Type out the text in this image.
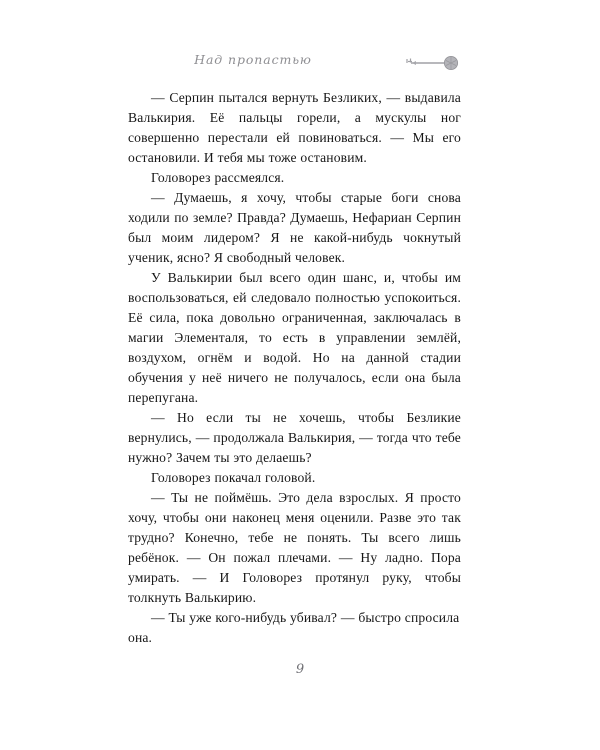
Над пропастью

— Серпин пытался вернуть Безликих, — выдавила Валькирия. Её пальцы горели, а мускулы ног совершенно перестали ей повиноваться. — Мы его остановили. И тебя мы тоже остановим.

Головорез рассмеялся.

— Думаешь, я хочу, чтобы старые боги снова ходили по земле? Правда? Думаешь, Нефариан Серпин был моим лидером? Я не какой-нибудь чокнутый ученик, ясно? Я свободный человек.

У Валькирии был всего один шанс, и, чтобы им воспользоваться, ей следовало полностью успокоиться. Её сила, пока довольно ограниченная, заключалась в магии Элементаля, то есть в управлении землёй, воздухом, огнём и водой. Но на данной стадии обучения у неё ничего не получалось, если она была перепугана.

— Но если ты не хочешь, чтобы Безликие вернулись, — продолжала Валькирия, — тогда что тебе нужно? Зачем ты это делаешь?

Головорез покачал головой.

— Ты не поймёшь. Это дела взрослых. Я просто хочу, чтобы они наконец меня оценили. Разве это так трудно? Конечно, тебе не понять. Ты всего лишь ребёнок. — Он пожал плечами. — Ну ладно. Пора умирать. — И Головорез протянул руку, чтобы толкнуть Валькирию.

— Ты уже кого-нибудь убивал? — быстро спросила она.

9
